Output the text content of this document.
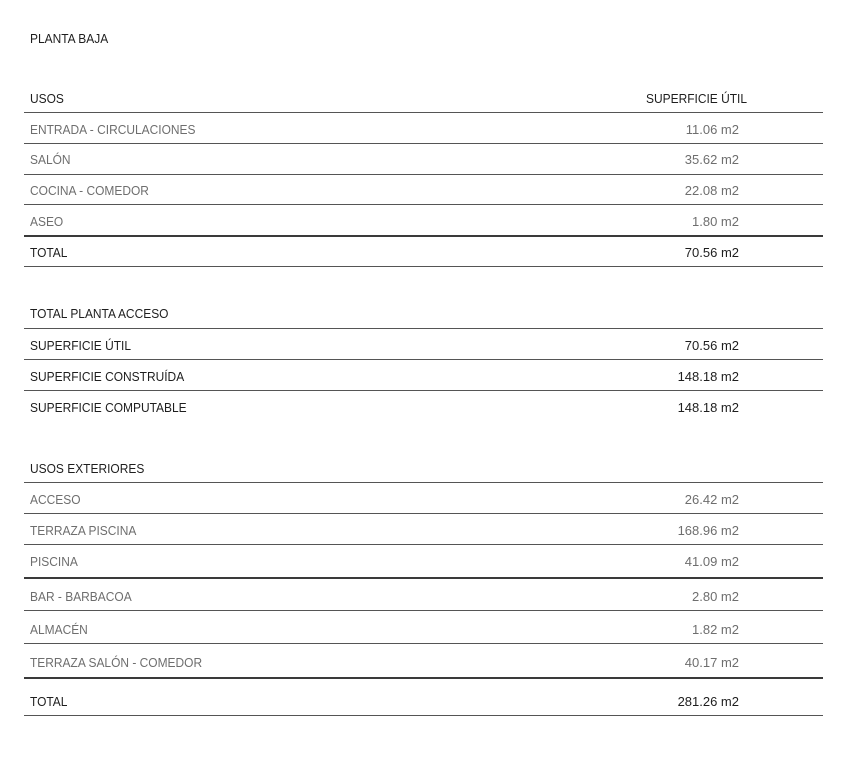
PLANTA BAJA
USOS	SUPERFICIE ÚTIL
ENTRADA - CIRCULACIONES	11.06 m2
SALÓN	35.62 m2
COCINA - COMEDOR	22.08 m2
ASEO	1.80 m2
TOTAL	70.56 m2
TOTAL PLANTA ACCESO
SUPERFICIE ÚTIL	70.56 m2
SUPERFICIE CONSTRUÍDA	148.18 m2
SUPERFICIE COMPUTABLE	148.18 m2
USOS EXTERIORES
ACCESO	26.42 m2
TERRAZA PISCINA	168.96 m2
PISCINA	41.09 m2
BAR - BARBACOA	2.80 m2
ALMACÉN	1.82 m2
TERRAZA SALÓN - COMEDOR	40.17 m2
TOTAL	281.26 m2
